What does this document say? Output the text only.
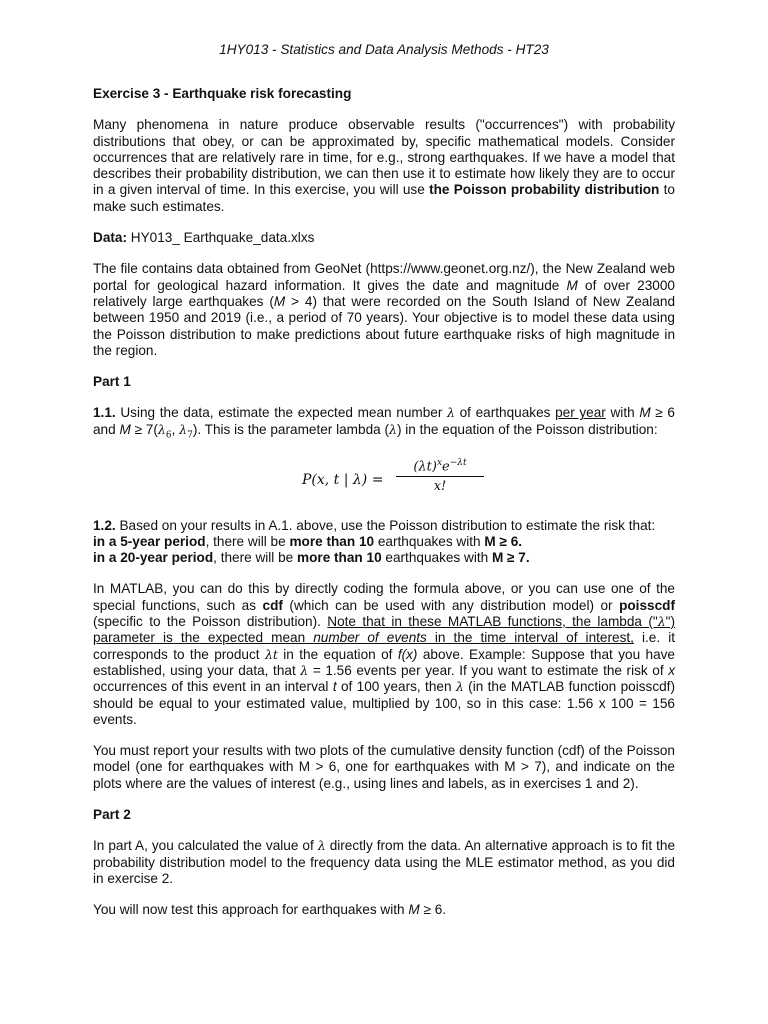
1HY013 - Statistics and Data Analysis Methods - HT23

Exercise 3 - Earthquake risk forecasting

Many phenomena in nature produce observable results ("occurrences") with probability distributions that obey, or can be approximated by, specific mathematical models. Consider occurrences that are relatively rare in time, for e.g., strong earthquakes. If we have a model that describes their probability distribution, we can then use it to estimate how likely they are to occur in a given interval of time. In this exercise, you will use the Poisson probability distribution to make such estimates.

Data: HY013_ Earthquake_data.xlxs

The file contains data obtained from GeoNet (https://www.geonet.org.nz/), the New Zealand web portal for geological hazard information. It gives the date and magnitude M of over 23000 relatively large earthquakes (M > 4) that were recorded on the South Island of New Zealand between 1950 and 2019 (i.e., a period of 70 years). Your objective is to model these data using the Poisson distribution to make predictions about future earthquake risks of high magnitude in the region.

Part 1

1.1. Using the data, estimate the expected mean number λ of earthquakes per year with M ≥ 6 and $M \ge 7(\lambda_6$, $\lambda_7$). This is the parameter lambda (λ) in the equation of the Poisson distribution:

P(x, t | $\lambda) = \frac{(\lambda t)^xe^{-\lambda t}}{x!}$

1.2. Based on your results in A.1. above, use the Poisson distribution to estimate the risk that:
in a 5-year period, there will be more than 10 earthquakes with M ≥ 6.
in a 20-year period, there will be more than 10 earthquakes with M ≥ 7.

In MATLAB, you can do this by directly coding the formula above, or you can use one of the special functions, such as cdf (which can be used with any distribution model) or poisscdf (specific to the Poisson distribution). Note that in these MATLAB functions, the lambda ("λ") parameter is the expected mean number of events in the time interval of interest, i.e. it corresponds to the product λt in the equation of f(x) above. Example: Suppose that you have established, using your data, that λ = 1.56 events per year. If you want to estimate the risk of x occurrences of this event in an interval t of 100 years, then λ (in the MATLAB function poisscdf) should be equal to your estimated value, multiplied by 100, so in this case: 1.56 x 100 = 156 events.

You must report your results with two plots of the cumulative density function (cdf) of the Poisson model (one for earthquakes with M > 6, one for earthquakes with M > 7), and indicate on the plots where are the values of interest (e.g., using lines and labels, as in exercises 1 and 2).

Part 2

In part A, you calculated the value of λ directly from the data. An alternative approach is to fit the probability distribution model to the frequency data using the MLE estimator method, as you did in exercise 2.

You will now test this approach for earthquakes with M ≥ 6.
